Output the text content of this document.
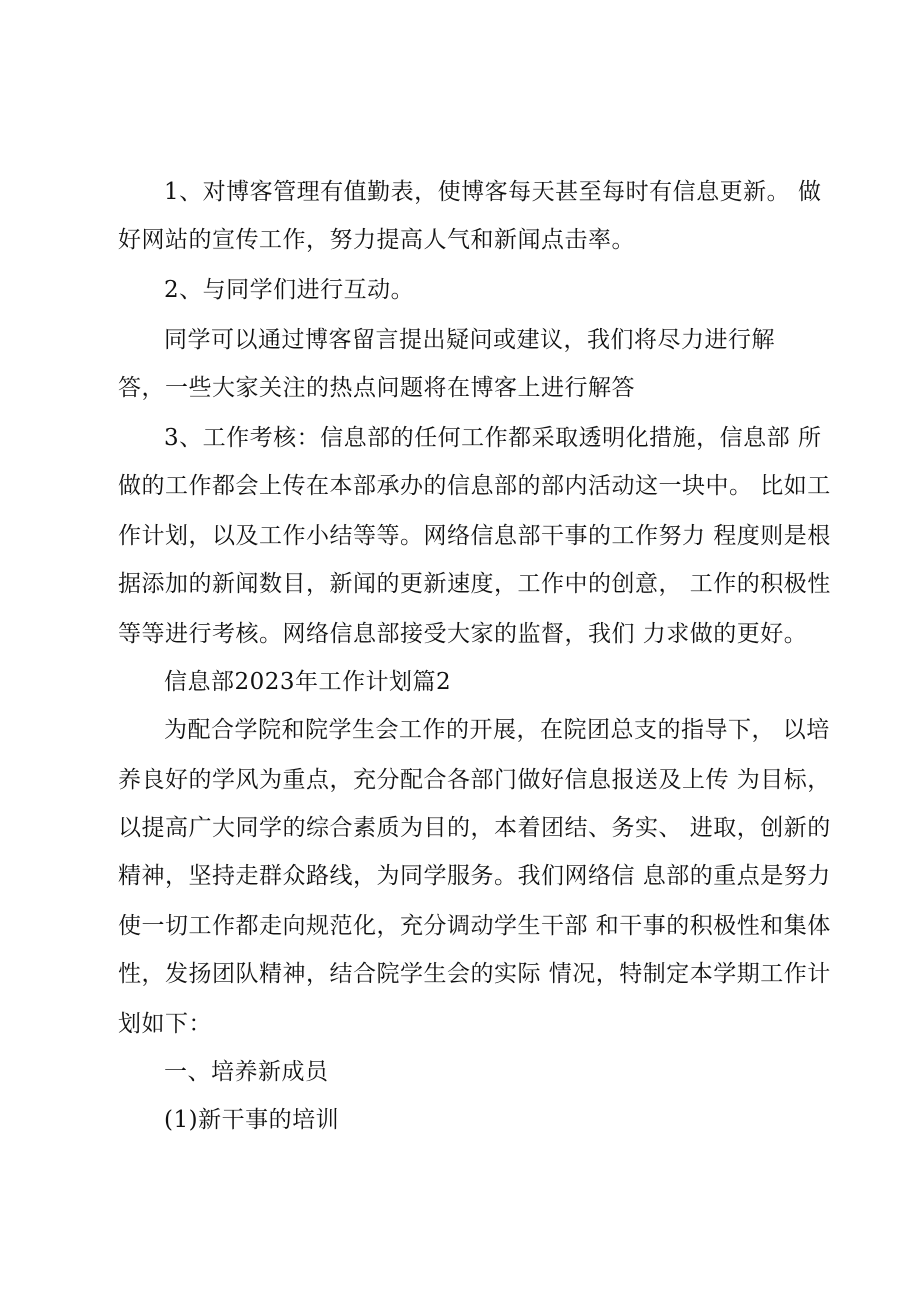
1、对博客管理有值勤表，使博客每天甚至每时有信息更新。 做
好网站的宣传工作，努力提高人气和新闻点击率。
2、与同学们进行互动。
同学可以通过博客留言提出疑问或建议，我们将尽力进行解
答，一些大家关注的热点问题将在博客上进行解答
3、工作考核：信息部的任何工作都采取透明化措施，信息部 所
做的工作都会上传在本部承办的信息部的部内活动这一块中。 比如工
作计划，以及工作小结等等。网络信息部干事的工作努力 程度则是根
据添加的新闻数目，新闻的更新速度，工作中的创意， 工作的积极性
等等进行考核。网络信息部接受大家的监督，我们 力求做的更好。
信息部2023年工作计划篇2
为配合学院和院学生会工作的开展，在院团总支的指导下， 以培
养良好的学风为重点，充分配合各部门做好信息报送及上传 为目标，
以提高广大同学的综合素质为目的，本着团结、务实、 进取，创新的
精神，坚持走群众路线，为同学服务。我们网络信 息部的重点是努力
使一切工作都走向规范化，充分调动学生干部 和干事的积极性和集体
性，发扬团队精神，结合院学生会的实际 情况，特制定本学期工作计
划如下：
一、培养新成员
(1)新干事的培训
